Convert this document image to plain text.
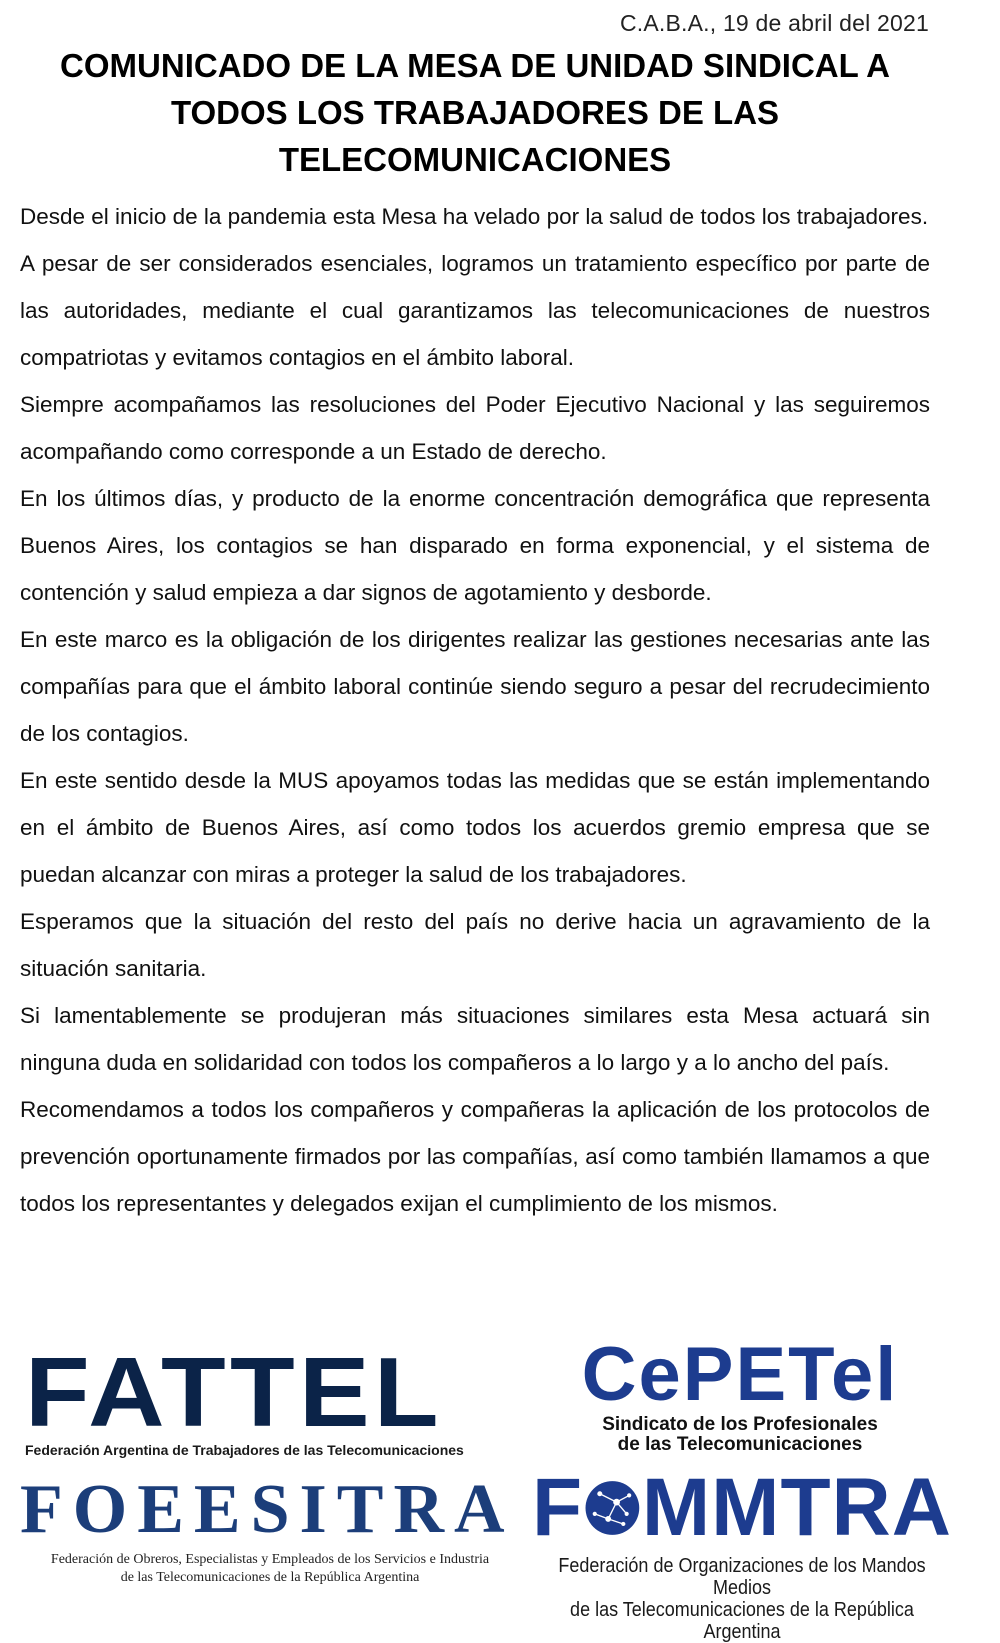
C.A.B.A., 19 de abril del 2021
COMUNICADO DE LA MESA DE UNIDAD SINDICAL A TODOS LOS TRABAJADORES DE LAS TELECOMUNICACIONES

Desde el inicio de la pandemia esta Mesa ha velado por la salud de todos los trabajadores.

A pesar de ser considerados esenciales, logramos un tratamiento específico por parte de las autoridades, mediante el cual garantizamos las telecomunicaciones de nuestros compatriotas y evitamos contagios en el ámbito laboral.

Siempre acompañamos las resoluciones del Poder Ejecutivo Nacional y las seguiremos acompañando como corresponde a un Estado de derecho.

En los últimos días, y producto de la enorme concentración demográfica que representa Buenos Aires, los contagios se han disparado en forma exponencial, y el sistema de contención y salud empieza a dar signos de agotamiento y desborde.

En este marco es la obligación de los dirigentes realizar las gestiones necesarias ante las compañías para que el ámbito laboral continúe siendo seguro a pesar del recrudecimiento de los contagios.

En este sentido desde la MUS apoyamos todas las medidas que se están implementando en el ámbito de Buenos Aires, así como todos los acuerdos gremio empresa que se puedan alcanzar con miras a proteger la salud de los trabajadores.

Esperamos que la situación del resto del país no derive hacia un agravamiento de la situación sanitaria.

Si lamentablemente se produjeran más situaciones similares esta Mesa actuará sin ninguna duda en solidaridad con todos los compañeros a lo largo y a lo ancho del país.

Recomendamos a todos los compañeros y compañeras la aplicación de los protocolos de prevención oportunamente firmados por las compañías, así como también llamamos a que todos los representantes y delegados exijan el cumplimiento de los mismos.

FATTEL
Federación Argentina de Trabajadores de las Telecomunicaciones
FOEESITRA
Federación de Obreros, Especialistas y Empleados de los Servicios e Industria
de las Telecomunicaciones de la República Argentina
CePETel
Sindicato de los Profesionales
de las Telecomunicaciones
F MMTRA
Federación de Organizaciones de los Mandos Medios
de las Telecomunicaciones de la República Argentina
